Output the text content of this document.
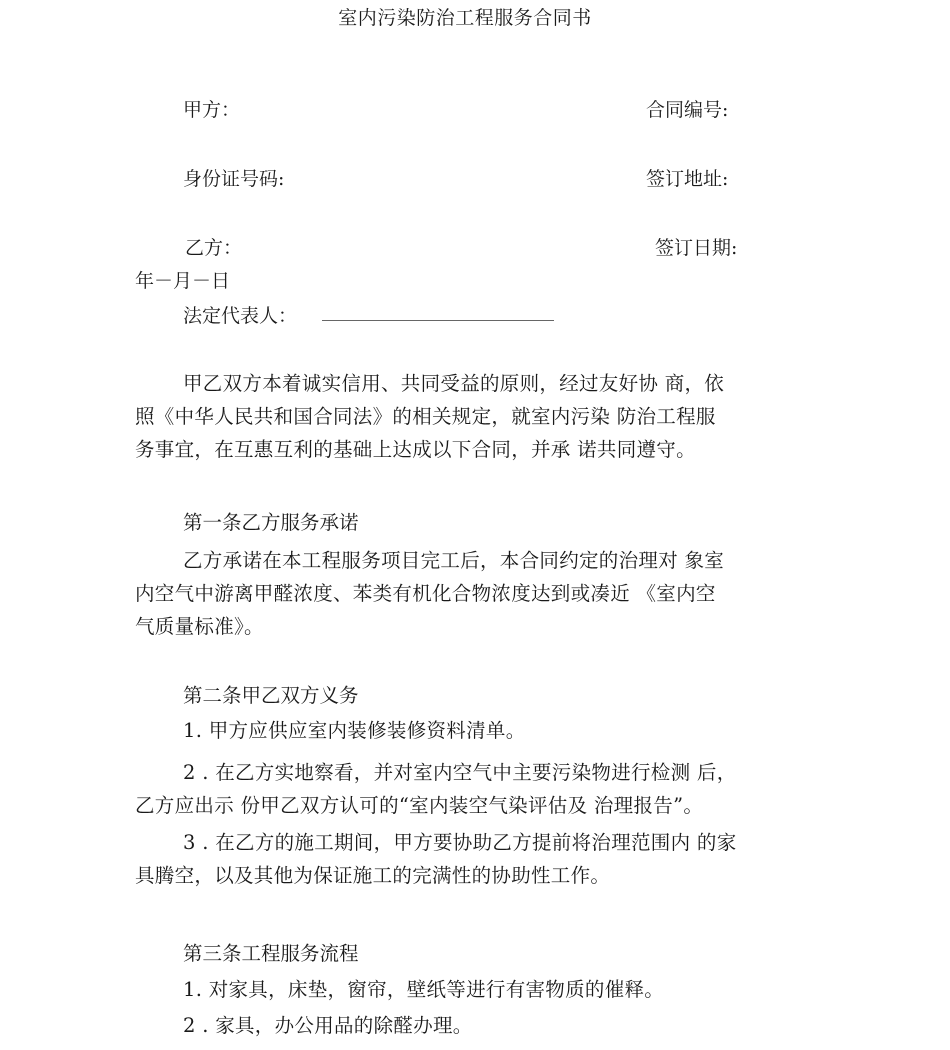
室内污染防治工程服务合同书
甲方：	合同编号:
身份证号码:	签订地址:
乙方：	签订日期:
年－月－日
法定代表人：
甲乙双方本着诚实信用、共同受益的原则，经过友好协 商，依
照《中华人民共和国合同法》的相关规定，就室内污染 防治工程服
务事宜，在互惠互利的基础上达成以下合同，并承 诺共同遵守。
第一条乙方服务承诺
乙方承诺在本工程服务项目完工后，本合同约定的治理对 象室
内空气中游离甲醛浓度、苯类有机化合物浓度达到或凑近 《室内空
气质量标准》。
第二条甲乙双方义务
1. 甲方应供应室内装修装修资料清单。
2 . 在乙方实地察看，并对室内空气中主要污染物进行检测 后，
乙方应出示 份甲乙双方认可的“室内装空气染评估及 治理报告”。
3 . 在乙方的施工期间，甲方要协助乙方提前将治理范围内 的家
具腾空，以及其他为保证施工的完满性的协助性工作。
第三条工程服务流程
1. 对家具，床垫，窗帘，壁纸等进行有害物质的催释。
2 . 家具，办公用品的除醛办理。
